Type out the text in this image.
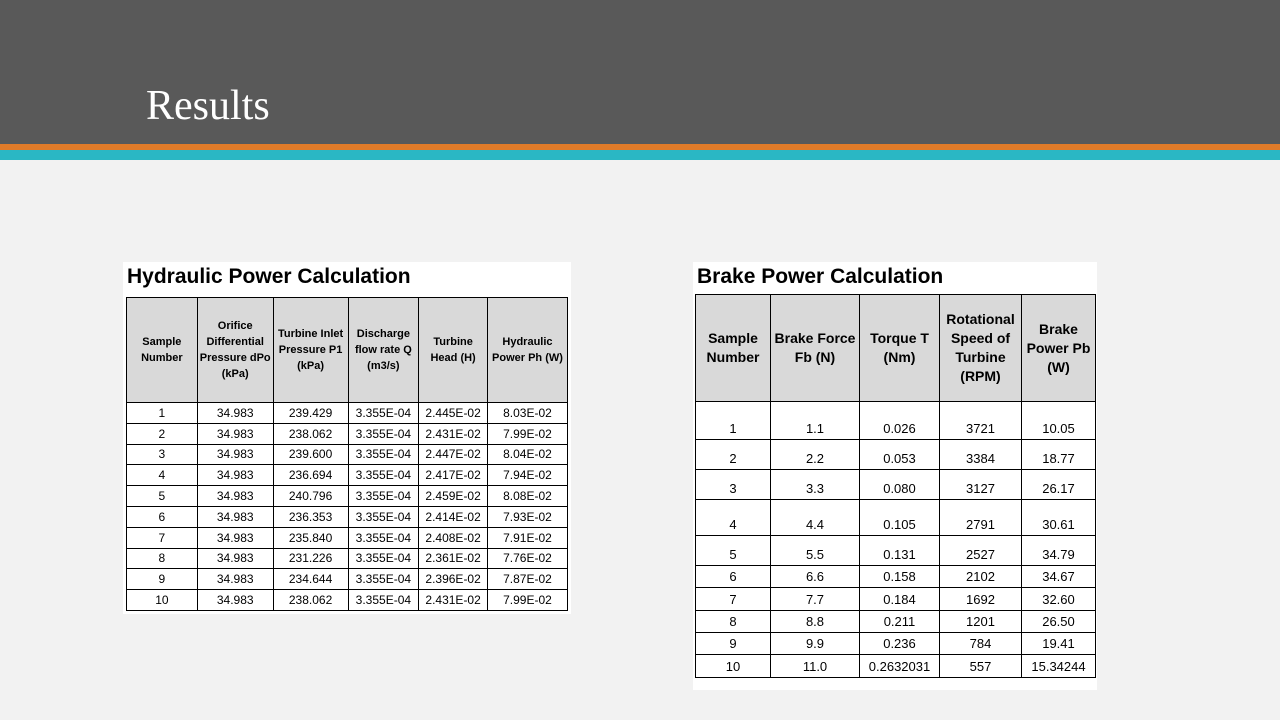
Results
Hydraulic Power Calculation
Sample Number	Orifice Differential Pressure dPo (kPa)	Turbine Inlet Pressure P1 (kPa)	Discharge flow rate Q (m3/s)	Turbine Head (H)	Hydraulic Power Ph (W)
1	34.983	239.429	3.355E-04	2.445E-02	8.03E-02
2	34.983	238.062	3.355E-04	2.431E-02	7.99E-02
3	34.983	239.600	3.355E-04	2.447E-02	8.04E-02
4	34.983	236.694	3.355E-04	2.417E-02	7.94E-02
5	34.983	240.796	3.355E-04	2.459E-02	8.08E-02
6	34.983	236.353	3.355E-04	2.414E-02	7.93E-02
7	34.983	235.840	3.355E-04	2.408E-02	7.91E-02
8	34.983	231.226	3.355E-04	2.361E-02	7.76E-02
9	34.983	234.644	3.355E-04	2.396E-02	7.87E-02
10	34.983	238.062	3.355E-04	2.431E-02	7.99E-02
Brake Power Calculation
Sample Number	Brake Force Fb (N)	Torque T (Nm)	Rotational Speed of Turbine (RPM)	Brake Power Pb (W)
1	1.1	0.026	3721	10.05
2	2.2	0.053	3384	18.77
3	3.3	0.080	3127	26.17
4	4.4	0.105	2791	30.61
5	5.5	0.131	2527	34.79
6	6.6	0.158	2102	34.67
7	7.7	0.184	1692	32.60
8	8.8	0.211	1201	26.50
9	9.9	0.236	784	19.41
10	11.0	0.2632031	557	15.34244
